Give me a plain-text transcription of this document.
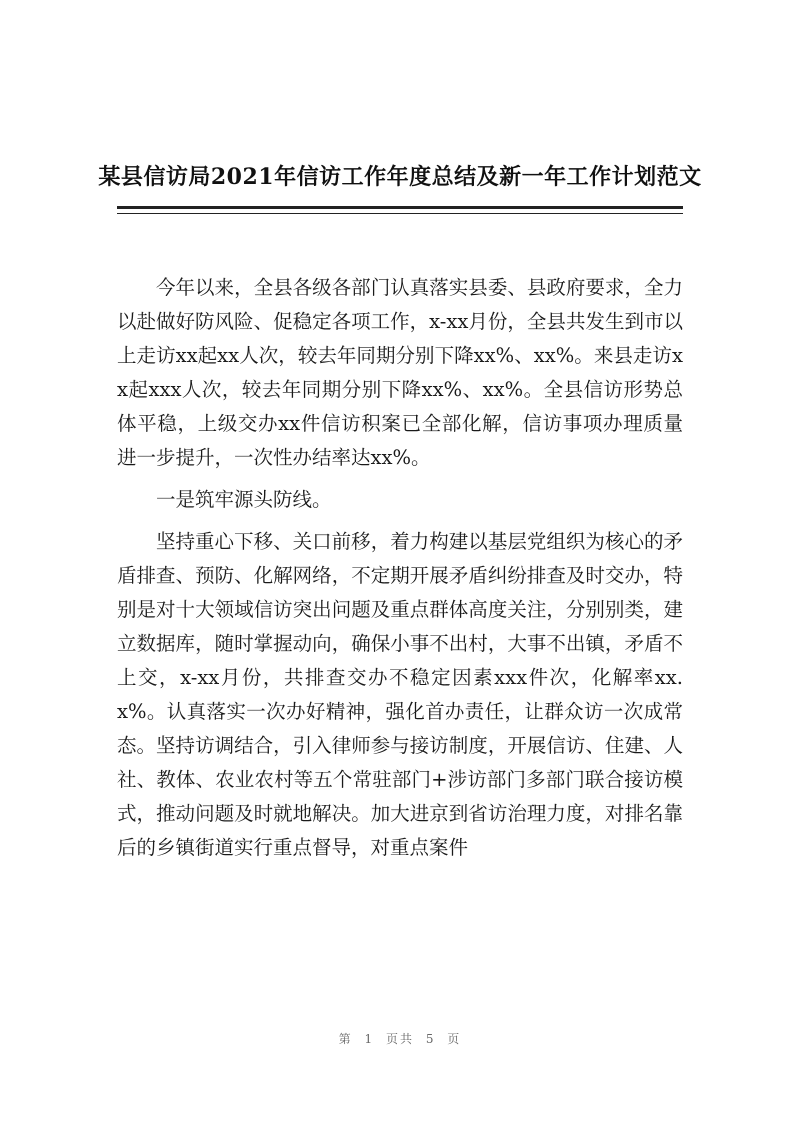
某县信访局2021年信访工作年度总结及新一年工作计划范文

今年以来，全县各级各部门认真落实县委、县政府要求，全力以赴做好防风险、促稳定各项工作，x-xx月份，全县共发生到市以上走访xx起xx人次，较去年同期分别下降xx%、xx%。来县走访xx起xxx人次，较去年同期分别下降xx%、xx%。全县信访形势总体平稳，上级交办xx件信访积案已全部化解，信访事项办理质量进一步提升，一次性办结率达xx%。

一是筑牢源头防线。

坚持重心下移、关口前移，着力构建以基层党组织为核心的矛盾排查、预防、化解网络，不定期开展矛盾纠纷排查及时交办，特别是对十大领域信访突出问题及重点群体高度关注，分别别类，建立数据库，随时掌握动向，确保小事不出村，大事不出镇，矛盾不上交，x-xx月份，共排查交办不稳定因素xxx件次，化解率xx.x%。认真落实一次办好精神，强化首办责任，让群众访一次成常态。坚持访调结合，引入律师参与接访制度，开展信访、住建、人社、教体、农业农村等五个常驻部门+涉访部门多部门联合接访模式，推动问题及时就地解决。加大进京到省访治理力度，对排名靠后的乡镇街道实行重点督导，对重点案件

第 1 页共 5 页
